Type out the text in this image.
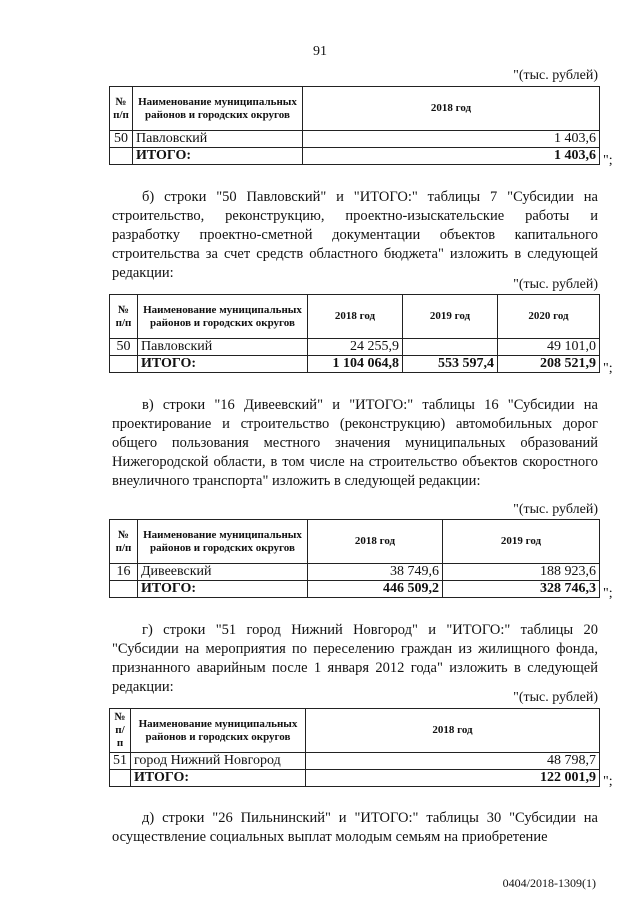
91
"(тыс. рублей)
№ п/п	Наименование муниципальных районов и городских округов	2018 год
50	Павловский	1 403,6
	ИТОГО:	1 403,6 ";
б) строки "50 Павловский" и "ИТОГО:" таблицы 7 "Субсидии на строительство, реконструкцию, проектно-изыскательские работы и разработку проектно-сметной документации объектов капитального строительства за счет средств областного бюджета" изложить в следующей редакции:
"(тыс. рублей)
№ п/п	Наименование муниципальных районов и городских округов	2018 год	2019 год	2020 год
50	Павловский	24 255,9		49 101,0
	ИТОГО:	1 104 064,8	553 597,4	208 521,9 ";
в) строки "16 Дивеевский" и "ИТОГО:" таблицы 16 "Субсидии на проектирование и строительство (реконструкцию) автомобильных дорог общего пользования местного значения муниципальных образований Нижегородской области, в том числе на строительство объектов скоростного внеуличного транспорта" изложить в следующей редакции:
"(тыс. рублей)
№ п/п	Наименование муниципальных районов и городских округов	2018 год	2019 год
16	Дивеевский	38 749,6	188 923,6
	ИТОГО:	446 509,2	328 746,3 ";
г) строки "51 город Нижний Новгород" и "ИТОГО:" таблицы 20 "Субсидии на мероприятия по переселению граждан из жилищного фонда, признанного аварийным после 1 января 2012 года" изложить в следующей редакции:
"(тыс. рублей)
№ п/п	Наименование муниципальных районов и городских округов	2018 год
51	город Нижний Новгород	48 798,7
	ИТОГО:	122 001,9 ";
д) строки "26 Пильнинский" и "ИТОГО:" таблицы 30 "Субсидии на осуществление социальных выплат молодым семьям на приобретение
0404/2018-1309(1)
